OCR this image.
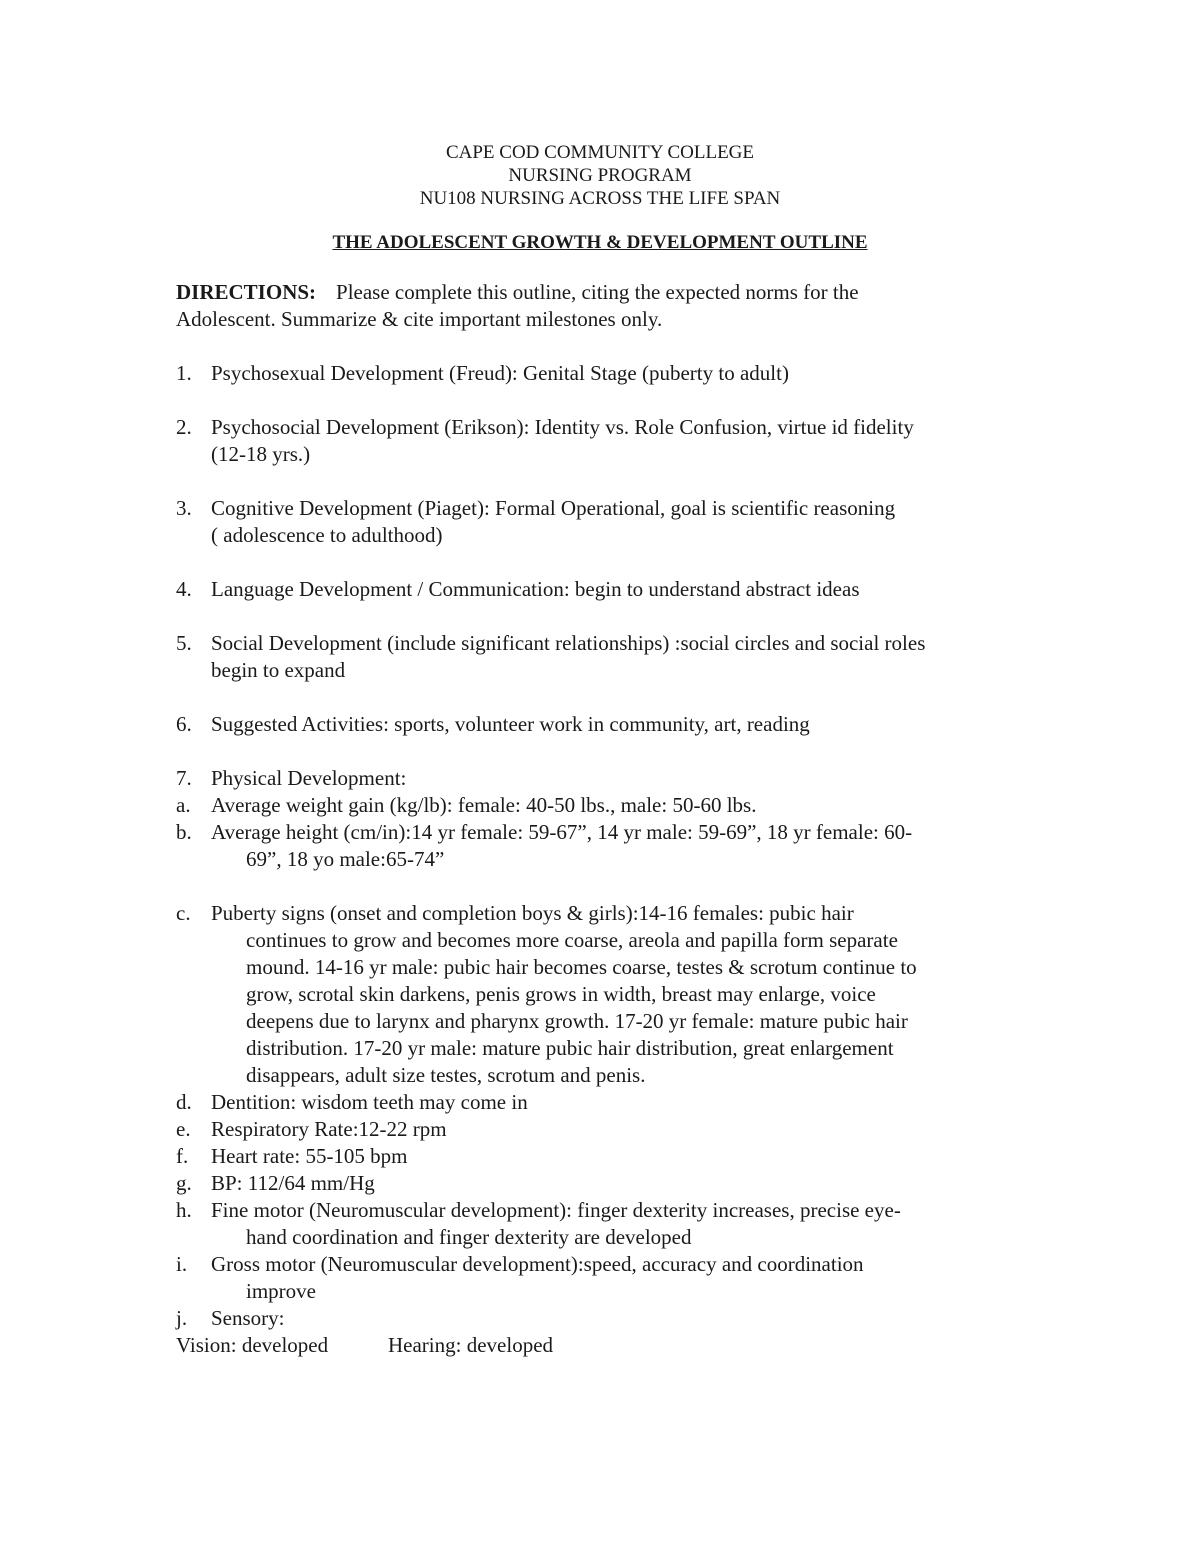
CAPE COD COMMUNITY COLLEGE
NURSING PROGRAM
NU108 NURSING ACROSS THE LIFE SPAN
THE ADOLESCENT GROWTH & DEVELOPMENT OUTLINE
DIRECTIONS: Please complete this outline, citing the expected norms for the
Adolescent. Summarize & cite important milestones only.
1. Psychosexual Development (Freud): Genital Stage (puberty to adult)
2. Psychosocial Development (Erikson): Identity vs. Role Confusion, virtue id fidelity
(12-18 yrs.)
3. Cognitive Development (Piaget): Formal Operational, goal is scientific reasoning
( adolescence to adulthood)
4. Language Development / Communication: begin to understand abstract ideas
5. Social Development (include significant relationships) :social circles and social roles
begin to expand
6. Suggested Activities: sports, volunteer work in community, art, reading
7. Physical Development:
a. Average weight gain (kg/lb): female: 40-50 lbs., male: 50-60 lbs.
b. Average height (cm/in):14 yr female: 59-67”, 14 yr male: 59-69”, 18 yr female: 60-
69”, 18 yo male:65-74”
c. Puberty signs (onset and completion boys & girls):14-16 females: pubic hair
continues to grow and becomes more coarse, areola and papilla form separate
mound. 14-16 yr male: pubic hair becomes coarse, testes & scrotum continue to
grow, scrotal skin darkens, penis grows in width, breast may enlarge, voice
deepens due to larynx and pharynx growth. 17-20 yr female: mature pubic hair
distribution. 17-20 yr male: mature pubic hair distribution, great enlargement
disappears, adult size testes, scrotum and penis.
d. Dentition: wisdom teeth may come in
e. Respiratory Rate:12-22 rpm
f. Heart rate: 55-105 bpm
g. BP: 112/64 mm/Hg
h. Fine motor (Neuromuscular development): finger dexterity increases, precise eye-
hand coordination and finger dexterity are developed
i. Gross motor (Neuromuscular development):speed, accuracy and coordination
improve
j. Sensory:
Vision: developed	Hearing: developed
